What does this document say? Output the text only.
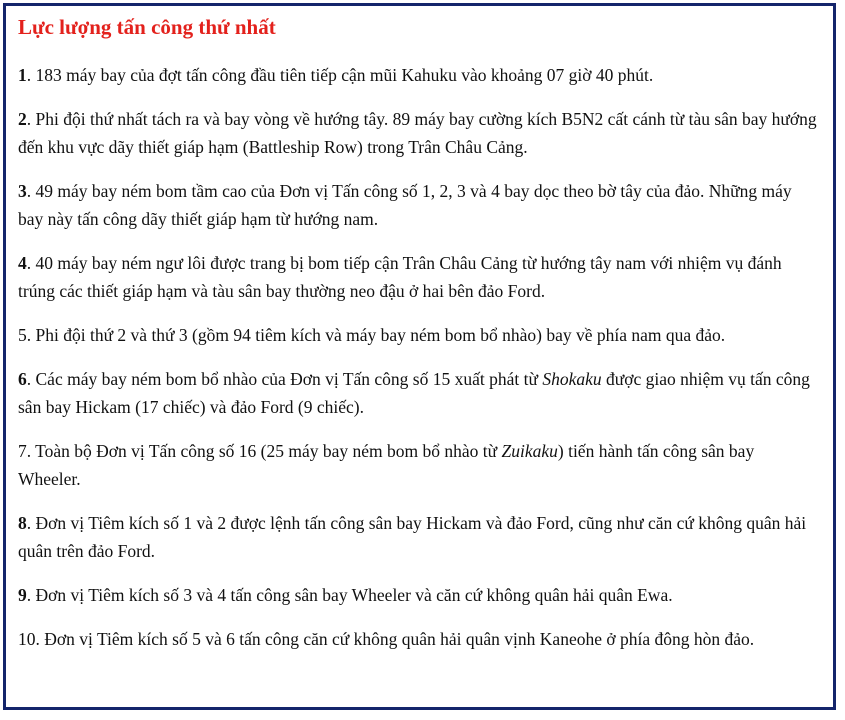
Lực lượng tấn công thứ nhất
1. 183 máy bay của đợt tấn công đầu tiên tiếp cận mũi Kahuku vào khoảng 07 giờ 40 phút.
2. Phi đội thứ nhất tách ra và bay vòng về hướng tây. 89 máy bay cường kích B5N2 cất cánh từ tàu sân bay hướng đến khu vực dãy thiết giáp hạm (Battleship Row) trong Trân Châu Cảng.
3. 49 máy bay ném bom tầm cao của Đơn vị Tấn công số 1, 2, 3 và 4 bay dọc theo bờ tây của đảo. Những máy bay này tấn công dãy thiết giáp hạm từ hướng nam.
4. 40 máy bay ném ngư lôi được trang bị bom tiếp cận Trân Châu Cảng từ hướng tây nam với nhiệm vụ đánh trúng các thiết giáp hạm và tàu sân bay thường neo đậu ở hai bên đảo Ford.
5. Phi đội thứ 2 và thứ 3 (gồm 94 tiêm kích và máy bay ném bom bổ nhào) bay về phía nam qua đảo.
6. Các máy bay ném bom bổ nhào của Đơn vị Tấn công số 15 xuất phát từ Shokaku được giao nhiệm vụ tấn công sân bay Hickam (17 chiếc) và đảo Ford (9 chiếc).
7. Toàn bộ Đơn vị Tấn công số 16 (25 máy bay ném bom bổ nhào từ Zuikaku) tiến hành tấn công sân bay Wheeler.
8. Đơn vị Tiêm kích số 1 và 2 được lệnh tấn công sân bay Hickam và đảo Ford, cũng như căn cứ không quân hải quân trên đảo Ford.
9. Đơn vị Tiêm kích số 3 và 4 tấn công sân bay Wheeler và căn cứ không quân hải quân Ewa.
10. Đơn vị Tiêm kích số 5 và 6 tấn công căn cứ không quân hải quân vịnh Kaneohe ở phía đông hòn đảo.
